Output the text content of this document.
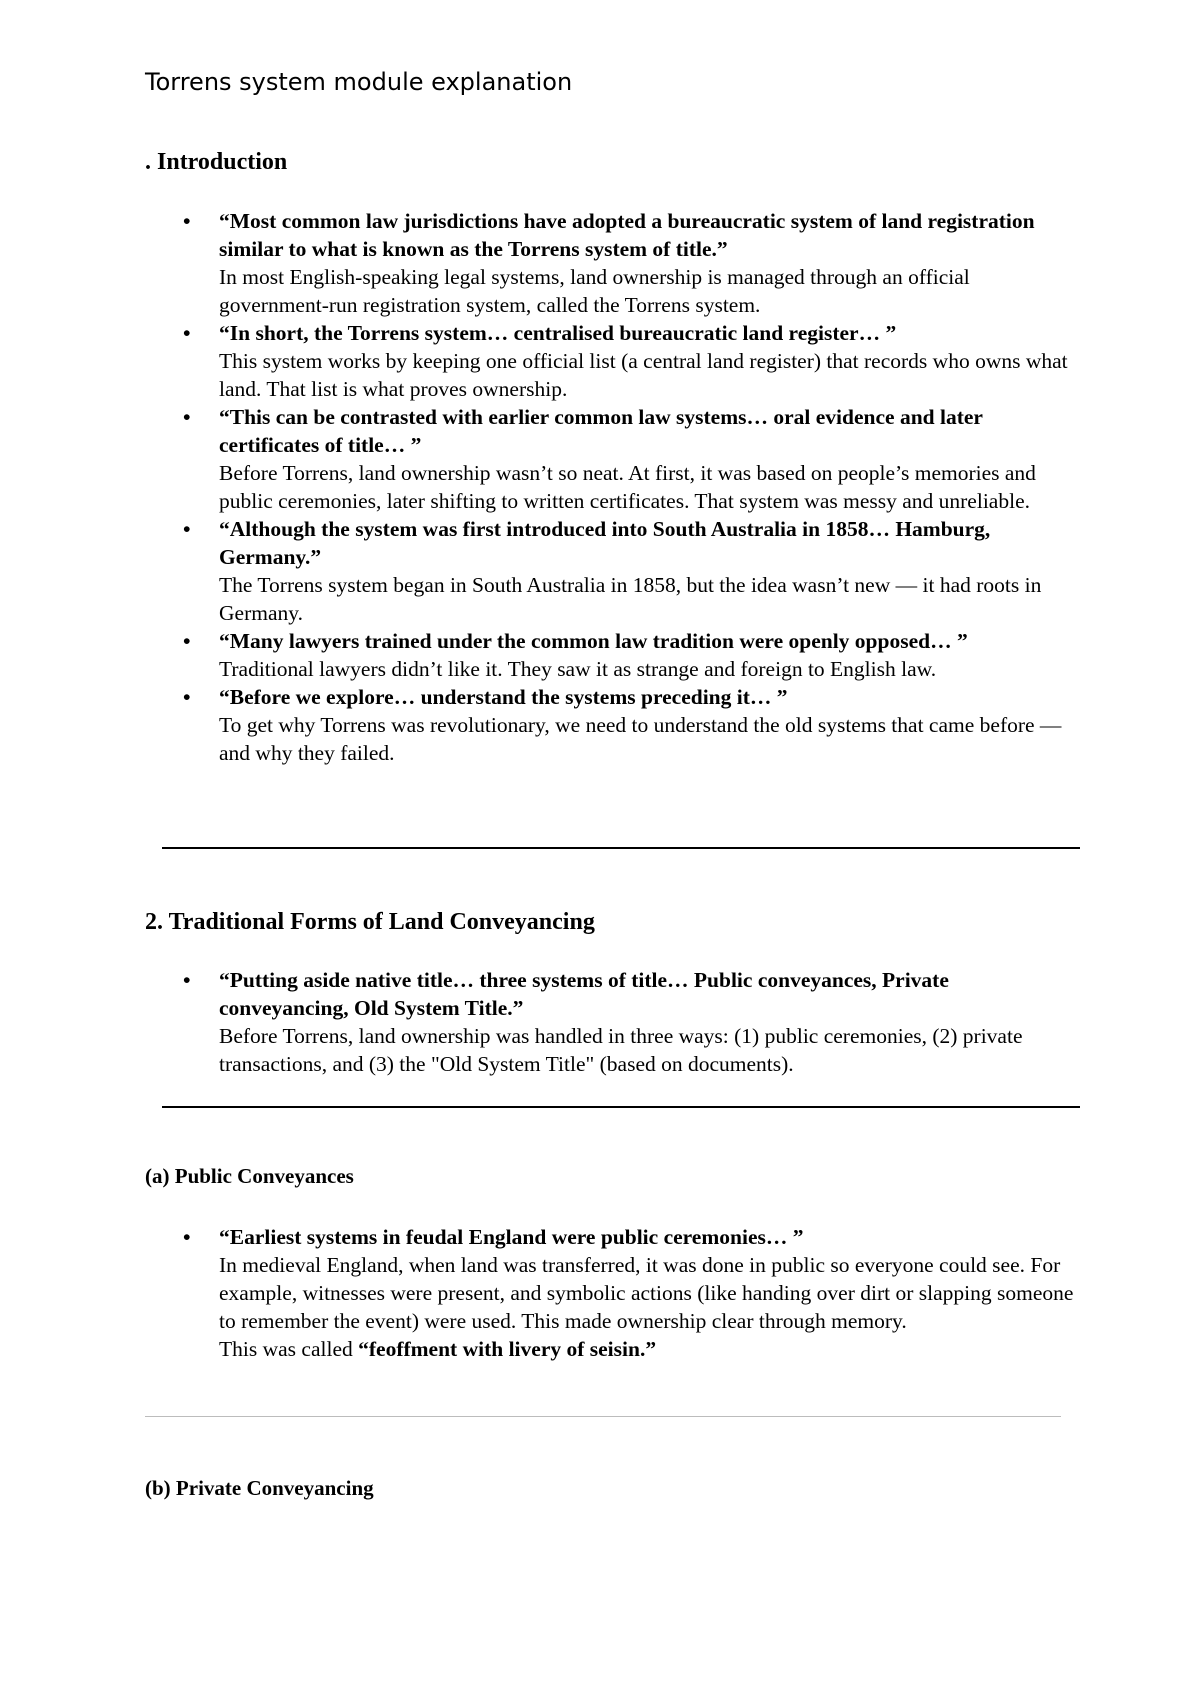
Torrens system module explanation
. Introduction
• “Most common law jurisdictions have adopted a bureaucratic system of land registration similar to what is known as the Torrens system of title.”
In most English-speaking legal systems, land ownership is managed through an official government-run registration system, called the Torrens system.
• “In short, the Torrens system… centralised bureaucratic land register… ”
This system works by keeping one official list (a central land register) that records who owns what land. That list is what proves ownership.
• “This can be contrasted with earlier common law systems… oral evidence and later certificates of title… ”
Before Torrens, land ownership wasn’t so neat. At first, it was based on people’s memories and public ceremonies, later shifting to written certificates. That system was messy and unreliable.
• “Although the system was first introduced into South Australia in 1858… Hamburg, Germany.”
The Torrens system began in South Australia in 1858, but the idea wasn’t new — it had roots in Germany.
• “Many lawyers trained under the common law tradition were openly opposed… ”
Traditional lawyers didn’t like it. They saw it as strange and foreign to English law.
• “Before we explore… understand the systems preceding it… ”
To get why Torrens was revolutionary, we need to understand the old systems that came before — and why they failed.
2. Traditional Forms of Land Conveyancing
• “Putting aside native title… three systems of title… Public conveyances, Private conveyancing, Old System Title.”
Before Torrens, land ownership was handled in three ways: (1) public ceremonies, (2) private transactions, and (3) the "Old System Title" (based on documents).
(a) Public Conveyances
• “Earliest systems in feudal England were public ceremonies… ”
In medieval England, when land was transferred, it was done in public so everyone could see. For example, witnesses were present, and symbolic actions (like handing over dirt or slapping someone to remember the event) were used. This made ownership clear through memory.
This was called “feoffment with livery of seisin.”
(b) Private Conveyancing
